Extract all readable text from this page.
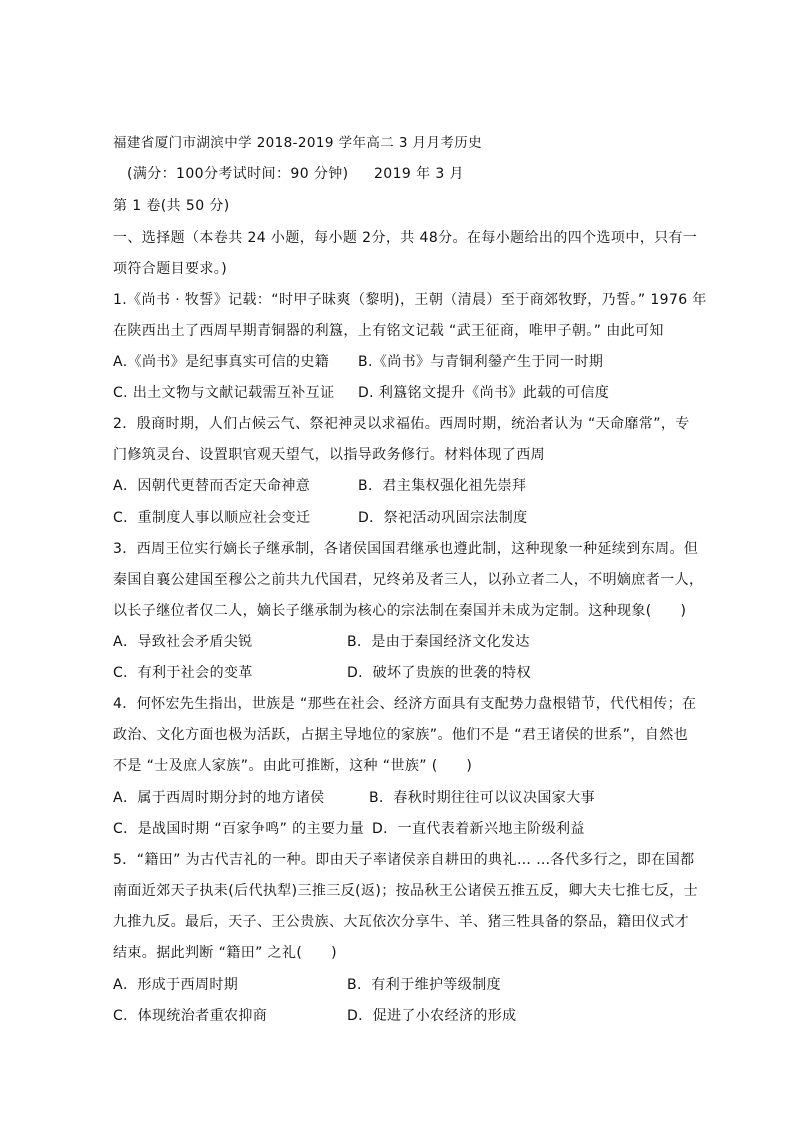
福建省厦门市湖滨中学 2018-2019 学年高二 3 月月考历史
(满分：100分考试时间：90 分钟) 2019 年 3 月
第 1 卷(共 50 分)
一、选择题（本卷共 24 小题，每小题 2分，共 48分。在每小题给出的四个选项中，只有一
项符合题目要求。)
1.《尚书 · 牧誓》记载：“时甲子昧爽（黎明)，王朝（清晨）至于商郊牧野，乃誓。” 1976 年
在陕西出土了西周早期青铜器的利簋，上有铭文记载 “武王征商，唯甲子朝。” 由此可知
A.《尚书》是纪事真实可信的史籍 B.《尚书》与青铜利鎣产生于同一时期
C. 出土文物与文献记载需互补互证 D. 利簋铭文提升《尚书》此载的可信度
2．殷商时期，人们占候云气、祭祀神灵以求福佑。西周时期，统治者认为 “天命靡常”，专
门修筑灵台、设置职官观天望气，以指导政务修行。材料体现了西周
A．因朝代更替而否定天命神意	B．君主集权强化祖先崇拜
C．重制度人事以顺应社会变迁	D．祭祀活动巩固宗法制度
3．西周王位实行嫡长子继承制，各诸侯国国君继承也遵此制，这种现象一种延续到东周。但
秦国自襄公建国至穆公之前共九代国君，兄终弟及者三人，以孙立者二人，不明嫡庶者一人，
以长子继位者仅二人，嫡长子继承制为核心的宗法制在秦国并未成为定制。这种现象(　　)
A．导致社会矛盾尖锐	B．是由于秦国经济文化发达
C．有利于社会的变革	D．破坏了贵族的世袭的特权
4．何怀宏先生指出，世族是 “那些在社会、经济方面具有支配势力盘根错节，代代相传；在
政治、文化方面也极为活跃，占据主导地位的家族”。他们不是 “君王诸侯的世系”，自然也
不是 “士及庶人家族”。由此可推断，这种 “世族” (　　)
A．属于西周时期分封的地方诸侯	B．春秋时期往往可以议决国家大事
C．是战国时期 “百家争鸣” 的主要力量 D．一直代表着新兴地主阶级利益
5．“籍田” 为古代吉礼的一种。即由天子率诸侯亲自耕田的典礼… …各代多行之，即在国都
南面近郊天子执耒(后代执犁)三推三反(返)；按品秋王公诸侯五推五反，卿大夫七推七反，士
九推九反。最后，天子、王公贵族、大瓦依次分享牛、羊、猪三牲具备的祭品，籍田仪式才
结束。据此判断 “籍田” 之礼(　　)
A．形成于西周时期	B．有利于维护等级制度
C．体现统治者重农抑商	D．促进了小农经济的形成
